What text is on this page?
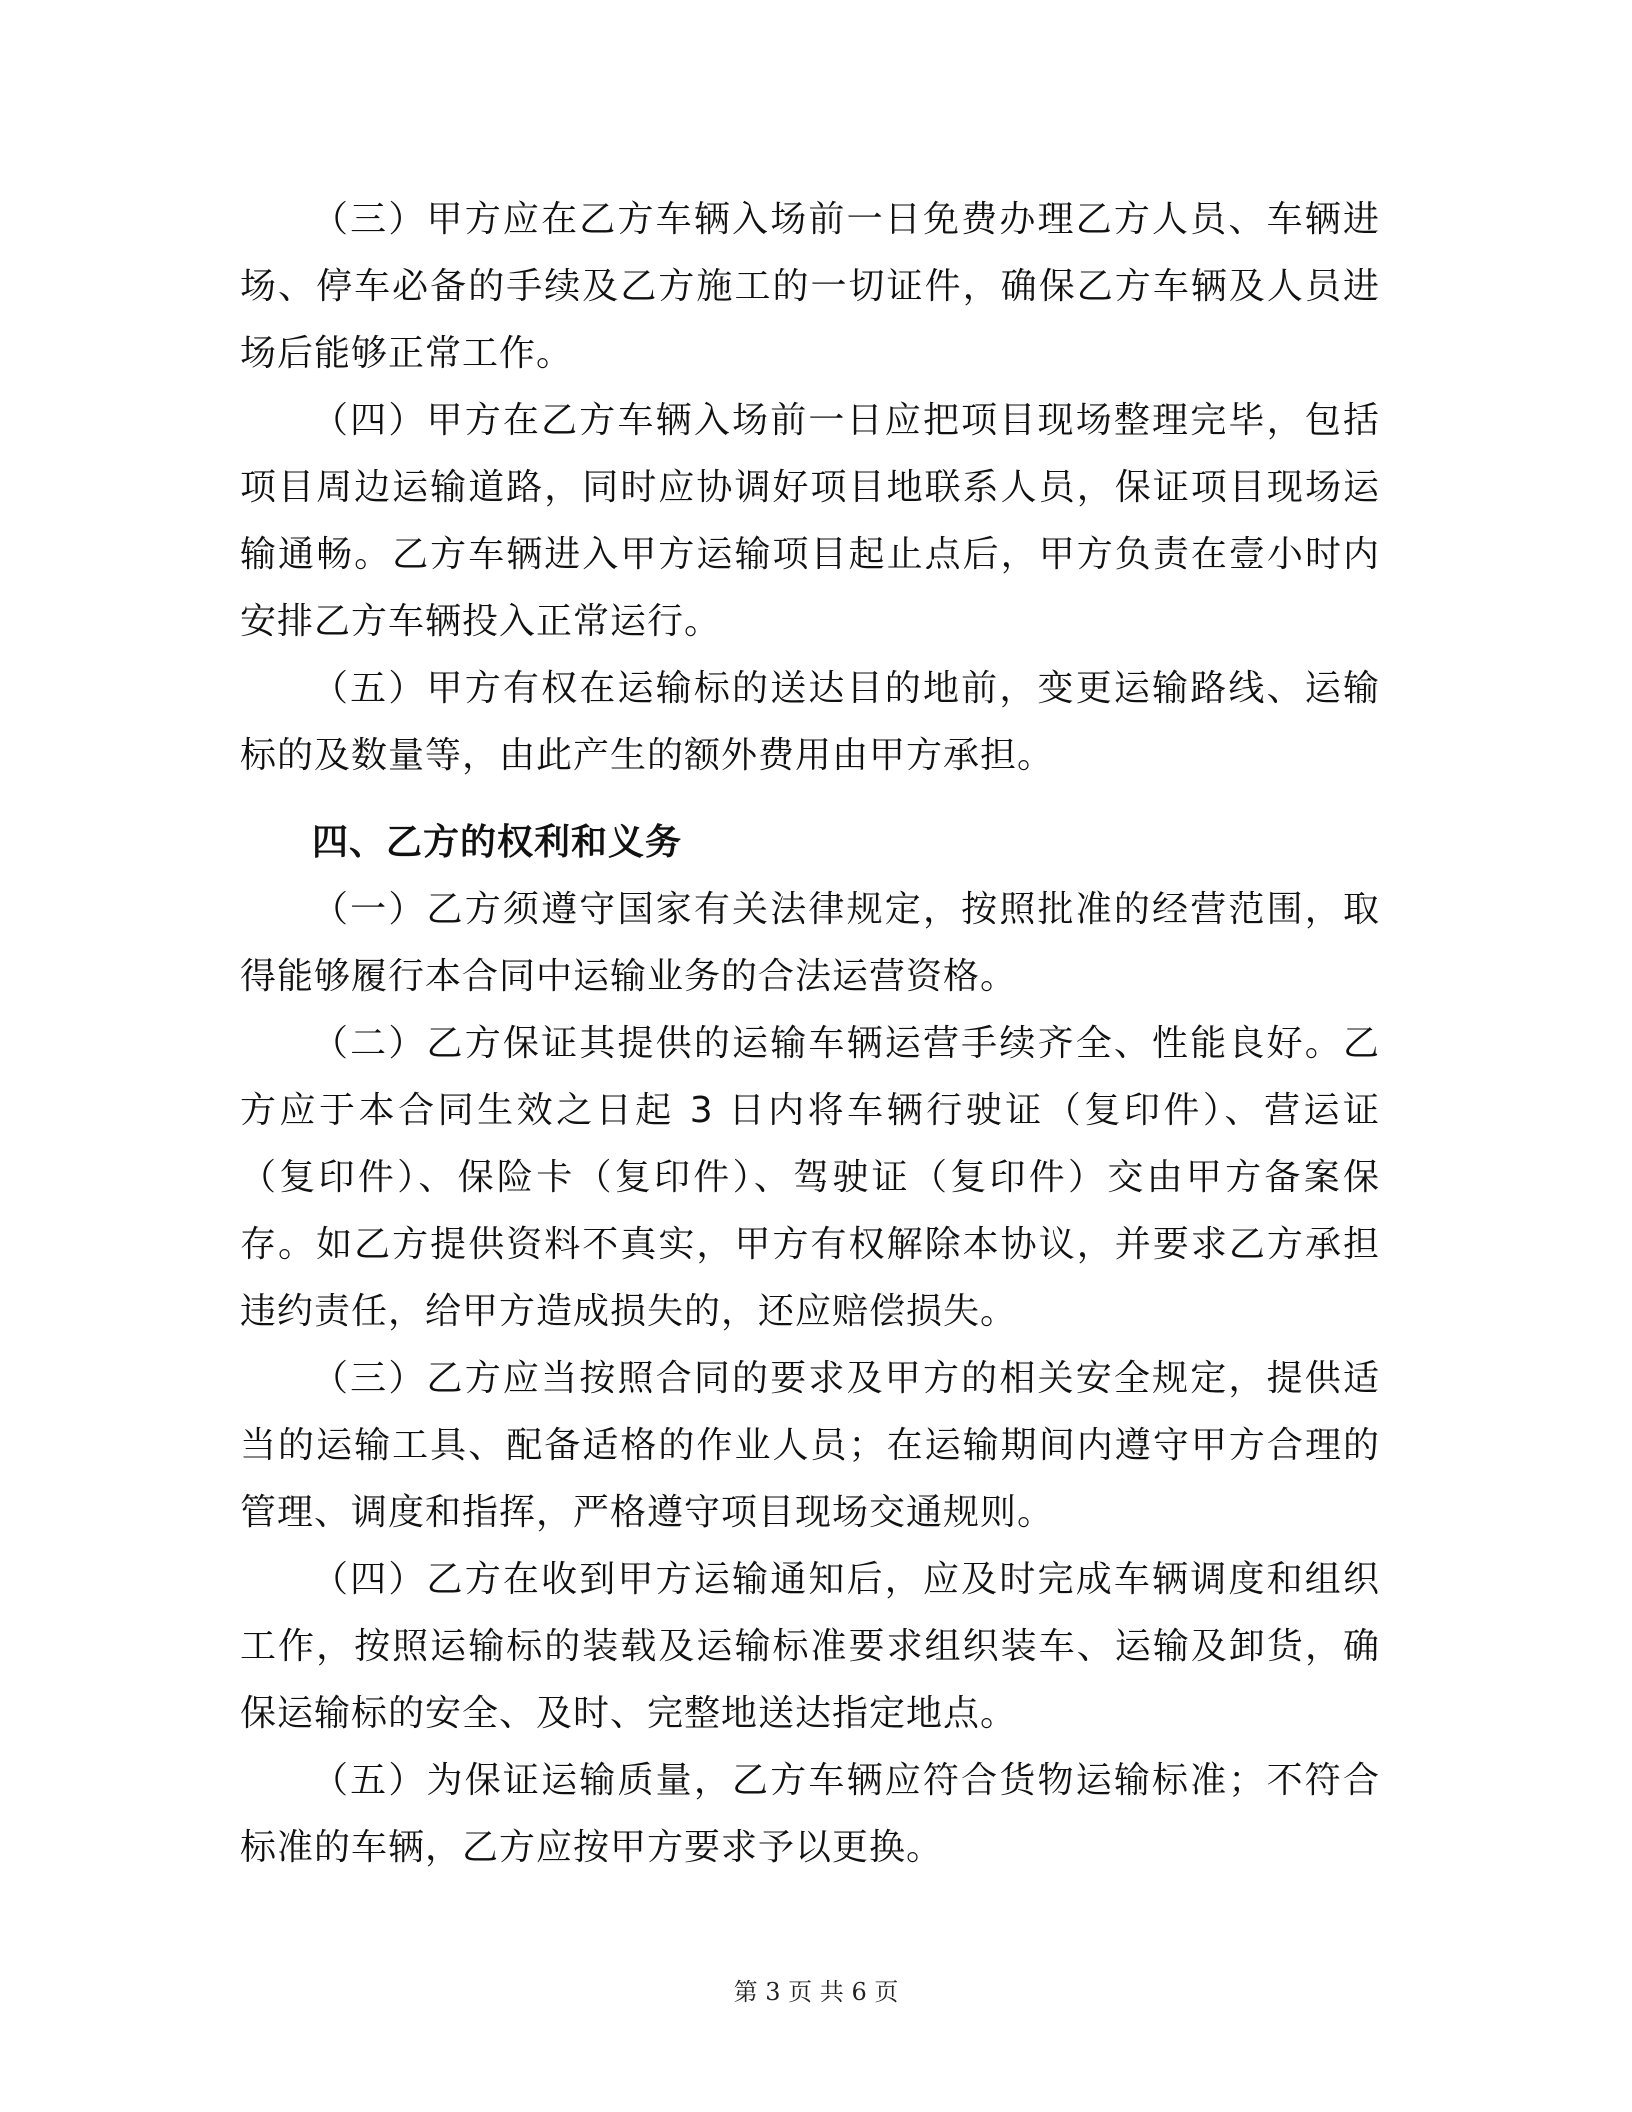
（三）甲方应在乙方车辆入场前一日免费办理乙方人员、车辆进场、停车必备的手续及乙方施工的一切证件，确保乙方车辆及人员进场后能够正常工作。

（四）甲方在乙方车辆入场前一日应把项目现场整理完毕，包括项目周边运输道路，同时应协调好项目地联系人员，保证项目现场运输通畅。乙方车辆进入甲方运输项目起止点后，甲方负责在壹小时内安排乙方车辆投入正常运行。

（五）甲方有权在运输标的送达目的地前，变更运输路线、运输标的及数量等，由此产生的额外费用由甲方承担。

四、乙方的权利和义务

（一）乙方须遵守国家有关法律规定，按照批准的经营范围，取得能够履行本合同中运输业务的合法运营资格。

（二）乙方保证其提供的运输车辆运营手续齐全、性能良好。乙方应于本合同生效之日起 3 日内将车辆行驶证（复印件）、营运证（复印件）、保险卡（复印件）、驾驶证（复印件）交由甲方备案保存。如乙方提供资料不真实，甲方有权解除本协议，并要求乙方承担违约责任，给甲方造成损失的，还应赔偿损失。

（三）乙方应当按照合同的要求及甲方的相关安全规定，提供适当的运输工具、配备适格的作业人员；在运输期间内遵守甲方合理的管理、调度和指挥，严格遵守项目现场交通规则。

（四）乙方在收到甲方运输通知后，应及时完成车辆调度和组织工作，按照运输标的装载及运输标准要求组织装车、运输及卸货，确保运输标的安全、及时、完整地送达指定地点。

（五）为保证运输质量，乙方车辆应符合货物运输标准；不符合标准的车辆，乙方应按甲方要求予以更换。

第 3 页 共 6 页
